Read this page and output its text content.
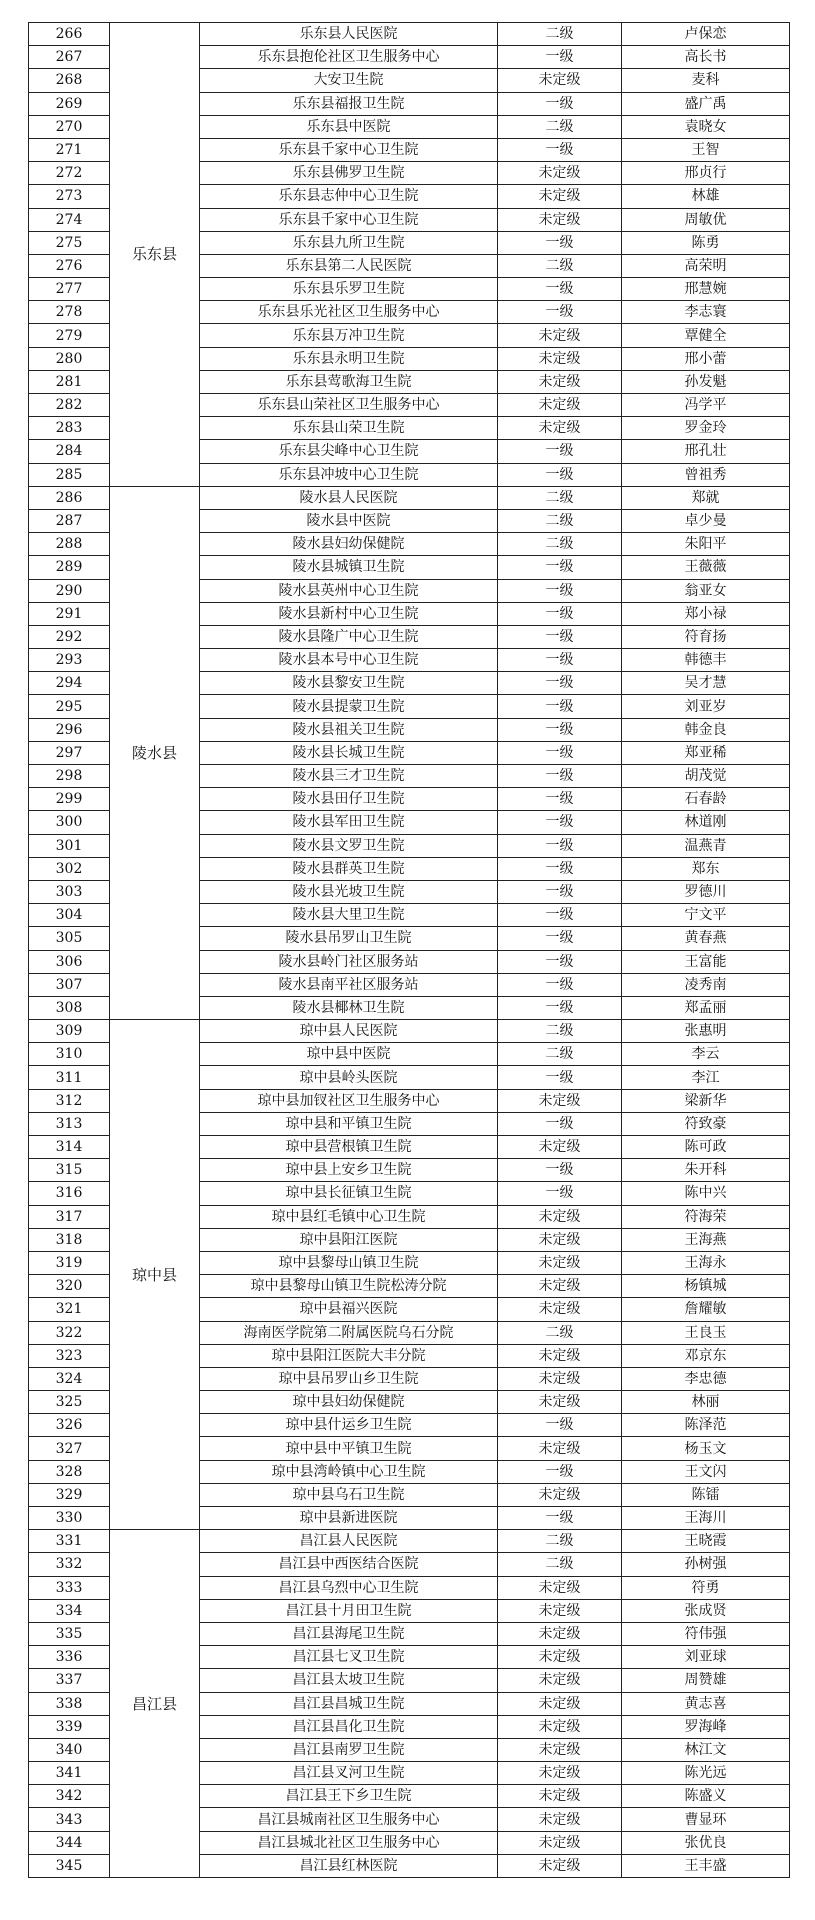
266	乐东县	乐东县人民医院	二级	卢保恋
267		乐东县抱伦社区卫生服务中心	一级	高长书
268		大安卫生院	未定级	麦科
269		乐东县福报卫生院	一级	盛广禹
270		乐东县中医院	二级	袁晓女
271		乐东县千家中心卫生院	一级	王智
272		乐东县佛罗卫生院	未定级	邢贞行
273		乐东县志仲中心卫生院	未定级	林雄
274		乐东县千家中心卫生院	未定级	周敏优
275		乐东县九所卫生院	一级	陈勇
276		乐东县第二人民医院	二级	高荣明
277		乐东县乐罗卫生院	一级	邢慧婉
278		乐东县乐光社区卫生服务中心	一级	李志寰
279		乐东县万冲卫生院	未定级	覃健全
280		乐东县永明卫生院	未定级	邢小蕾
281		乐东县莺歌海卫生院	未定级	孙发魁
282		乐东县山荣社区卫生服务中心	未定级	冯学平
283		乐东县山荣卫生院	未定级	罗金玲
284		乐东县尖峰中心卫生院	一级	邢孔壮
285		乐东县冲坡中心卫生院	一级	曾祖秀
286	陵水县	陵水县人民医院	二级	郑就
287		陵水县中医院	二级	卓少曼
288		陵水县妇幼保健院	二级	朱阳平
289		陵水县城镇卫生院	一级	王薇薇
290		陵水县英州中心卫生院	一级	翁亚女
291		陵水县新村中心卫生院	一级	郑小禄
292		陵水县隆广中心卫生院	一级	符育扬
293		陵水县本号中心卫生院	一级	韩德丰
294		陵水县黎安卫生院	一级	吴才慧
295		陵水县提蒙卫生院	一级	刘亚岁
296		陵水县祖关卫生院	一级	韩金良
297		陵水县长城卫生院	一级	郑亚稀
298		陵水县三才卫生院	一级	胡茂觉
299		陵水县田仔卫生院	一级	石春龄
300		陵水县军田卫生院	一级	林道刚
301		陵水县文罗卫生院	一级	温燕青
302		陵水县群英卫生院	一级	郑东
303		陵水县光坡卫生院	一级	罗德川
304		陵水县大里卫生院	一级	宁文平
305		陵水县吊罗山卫生院	一级	黄春燕
306		陵水县岭门社区服务站	一级	王富能
307		陵水县南平社区服务站	一级	凌秀南
308		陵水县椰林卫生院	一级	郑孟丽
309	琼中县	琼中县人民医院	二级	张惠明
310		琼中县中医院	二级	李云
311		琼中县岭头医院	一级	李江
312		琼中县加钗社区卫生服务中心	未定级	梁新华
313		琼中县和平镇卫生院	一级	符致豪
314		琼中县营根镇卫生院	未定级	陈可政
315		琼中县上安乡卫生院	一级	朱开科
316		琼中县长征镇卫生院	一级	陈中兴
317		琼中县红毛镇中心卫生院	未定级	符海荣
318		琼中县阳江医院	未定级	王海燕
319		琼中县黎母山镇卫生院	未定级	王海永
320		琼中县黎母山镇卫生院松涛分院	未定级	杨镇城
321		琼中县福兴医院	未定级	詹耀敏
322		海南医学院第二附属医院乌石分院	二级	王良玉
323		琼中县阳江医院大丰分院	未定级	邓京东
324		琼中县吊罗山乡卫生院	未定级	李忠德
325		琼中县妇幼保健院	未定级	林丽
326		琼中县什运乡卫生院	一级	陈泽范
327		琼中县中平镇卫生院	未定级	杨玉文
328		琼中县湾岭镇中心卫生院	一级	王文闪
329		琼中县乌石卫生院	未定级	陈镭
330		琼中县新进医院	一级	王海川
331	昌江县	昌江县人民医院	二级	王晓霞
332		昌江县中西医结合医院	二级	孙树强
333		昌江县乌烈中心卫生院	未定级	符勇
334		昌江县十月田卫生院	未定级	张成贤
335		昌江县海尾卫生院	未定级	符伟强
336		昌江县七叉卫生院	未定级	刘亚球
337		昌江县太坡卫生院	未定级	周赞雄
338		昌江县昌城卫生院	未定级	黄志喜
339		昌江县昌化卫生院	未定级	罗海峰
340		昌江县南罗卫生院	未定级	林江文
341		昌江县叉河卫生院	未定级	陈光远
342		昌江县王下乡卫生院	未定级	陈盛义
343		昌江县城南社区卫生服务中心	未定级	曹显环
344		昌江县城北社区卫生服务中心	未定级	张优良
345		昌江县红林医院	未定级	王丰盛
